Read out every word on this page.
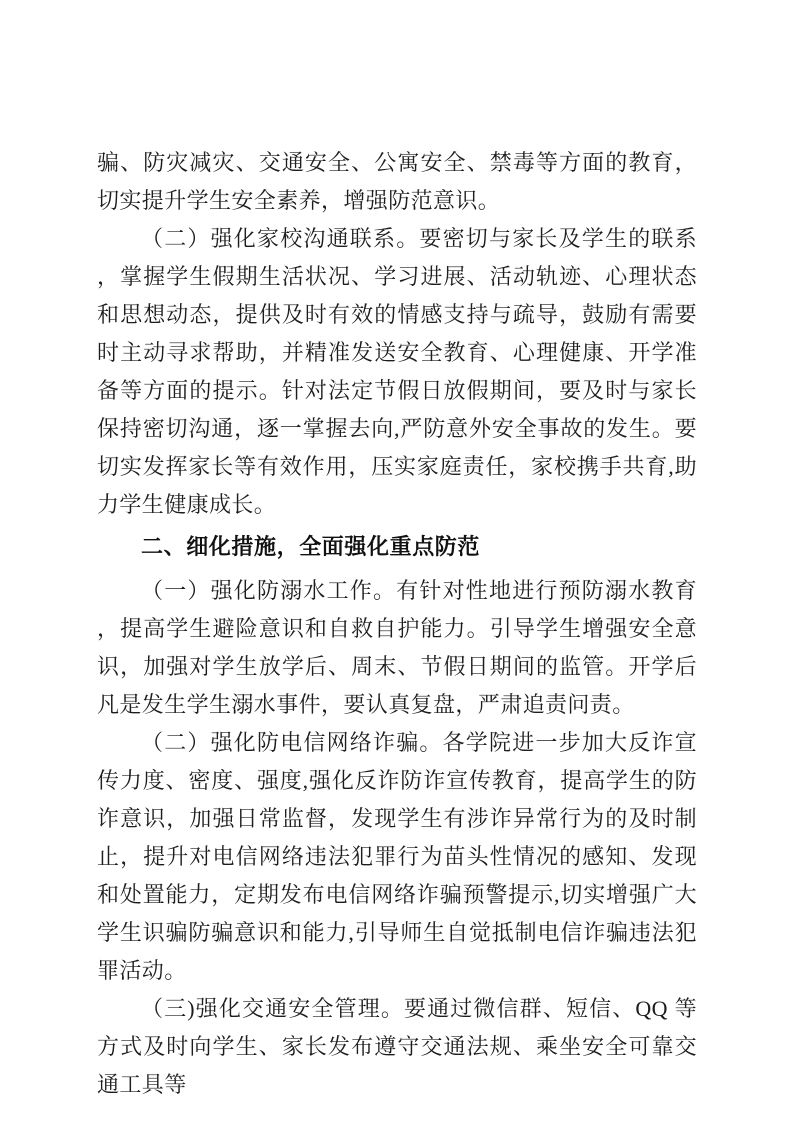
骗、防灾减灾、交通安全、公寓安全、禁毒等方面的教育，切实提升学生安全素养，增强防范意识。

（二）强化家校沟通联系。要密切与家长及学生的联系，掌握学生假期生活状况、学习进展、活动轨迹、心理状态和思想动态，提供及时有效的情感支持与疏导，鼓励有需要时主动寻求帮助，并精准发送安全教育、心理健康、开学准备等方面的提示。针对法定节假日放假期间，要及时与家长保持密切沟通，逐一掌握去向,严防意外安全事故的发生。要切实发挥家长等有效作用，压实家庭责任，家校携手共育,助力学生健康成长。

二、细化措施，全面强化重点防范

（一）强化防溺水工作。有针对性地进行预防溺水教育，提高学生避险意识和自救自护能力。引导学生增强安全意识，加强对学生放学后、周末、节假日期间的监管。开学后凡是发生学生溺水事件，要认真复盘，严肃追责问责。

（二）强化防电信网络诈骗。各学院进一步加大反诈宣传力度、密度、强度,强化反诈防诈宣传教育，提高学生的防诈意识，加强日常监督，发现学生有涉诈异常行为的及时制止，提升对电信网络违法犯罪行为苗头性情况的感知、发现和处置能力，定期发布电信网络诈骗预警提示,切实增强广大学生识骗防骗意识和能力,引导师生自觉抵制电信诈骗违法犯罪活动。

（三)强化交通安全管理。要通过微信群、短信、QQ 等方式及时向学生、家长发布遵守交通法规、乘坐安全可靠交通工具等
